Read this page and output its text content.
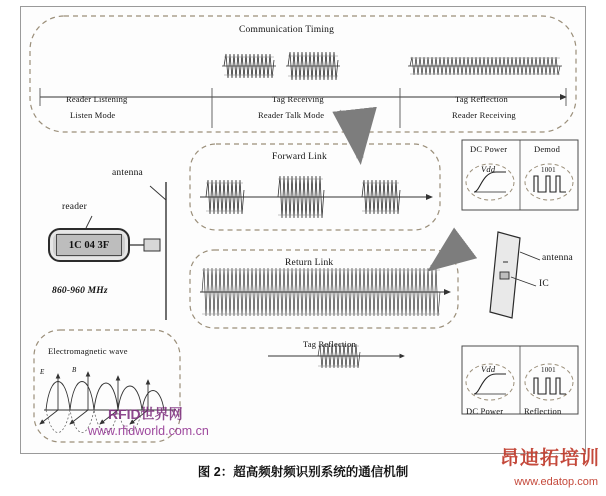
Communication Timing
Reader Listening
Listen Mode
Tag Receiving
Reader Talk Mode
Tag Reflection
Reader Receiving
Forward Link
Return Link
Tag Reflection
antenna
reader
1C 04 3F
860-960 MHz
antenna
IC
DC Power	Demod
Vdd	1001
Vdd	1001
DC Power Reflection
Electromagnetic wave
E	B
RFID世界网
www.rfidworld.com.cn
图 2：超高频射频识别系统的通信机制
昂迪拓培训
www.edatop.com
